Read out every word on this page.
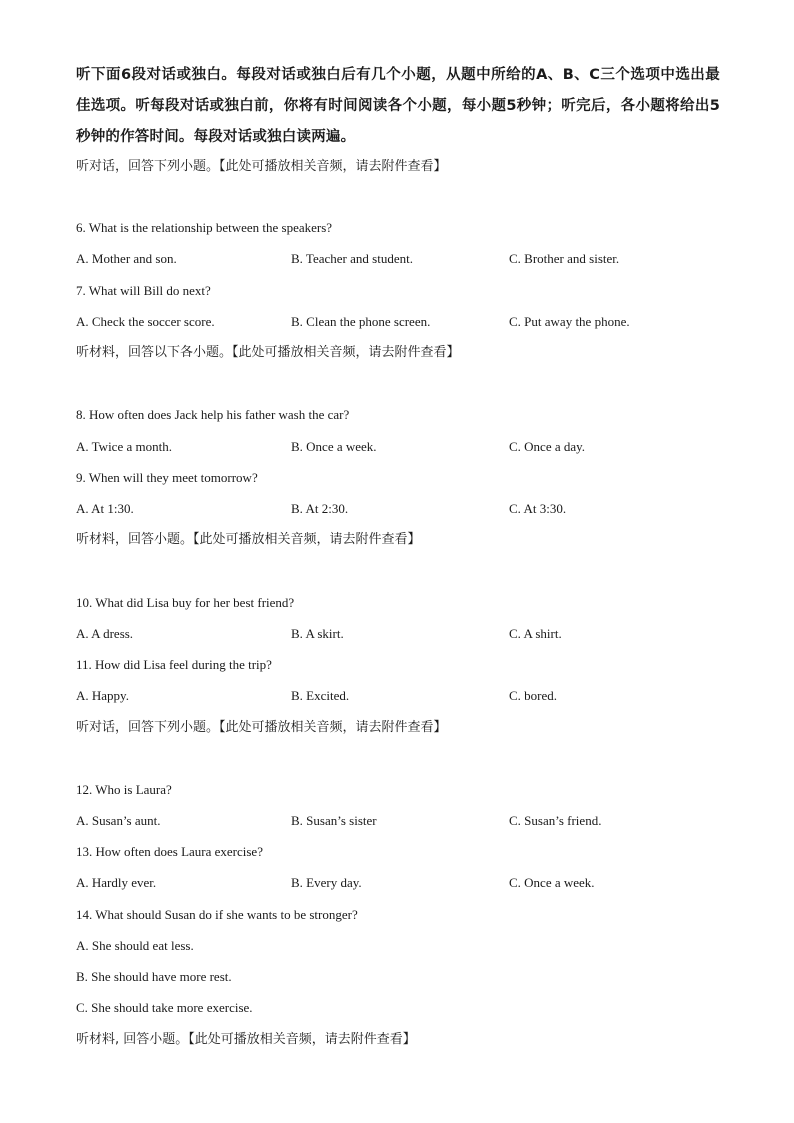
听下面6段对话或独白。每段对话或独白后有几个小题，从题中所给的A、B、C三个选项中选出最佳选项。听每段对话或独白前，你将有时间阅读各个小题，每小题5秒钟；听完后，各小题将给出5秒钟的作答时间。每段对话或独白读两遍。
听对话，回答下列小题。【此处可播放相关音频，请去附件查看】
6. What is the relationship between the speakers?
A. Mother and son.	B. Teacher and student.	C. Brother and sister.
7. What will Bill do next?
A. Check the soccer score.	B. Clean the phone screen.	C. Put away the phone.
听材料，回答以下各小题。【此处可播放相关音频，请去附件查看】
8. How often does Jack help his father wash the car?
A. Twice a month.	B. Once a week.	C. Once a day.
9. When will they meet tomorrow?
A. At 1:30.	B. At 2:30.	C. At 3:30.
听材料，回答小题。【此处可播放相关音频，请去附件查看】
10. What did Lisa buy for her best friend?
A. A dress.	B. A skirt.	C. A shirt.
11. How did Lisa feel during the trip?
A. Happy.	B. Excited.	C. bored.
听对话，回答下列小题。【此处可播放相关音频，请去附件查看】
12. Who is Laura?
A. Susan’s aunt.	B. Susan’s sister	C. Susan’s friend.
13. How often does Laura exercise?
A. Hardly ever.	B. Every day.	C. Once a week.
14. What should Susan do if she wants to be stronger?
A. She should eat less.
B. She should have more rest.
C. She should take more exercise.
听材料, 回答小题。【此处可播放相关音频，请去附件查看】
